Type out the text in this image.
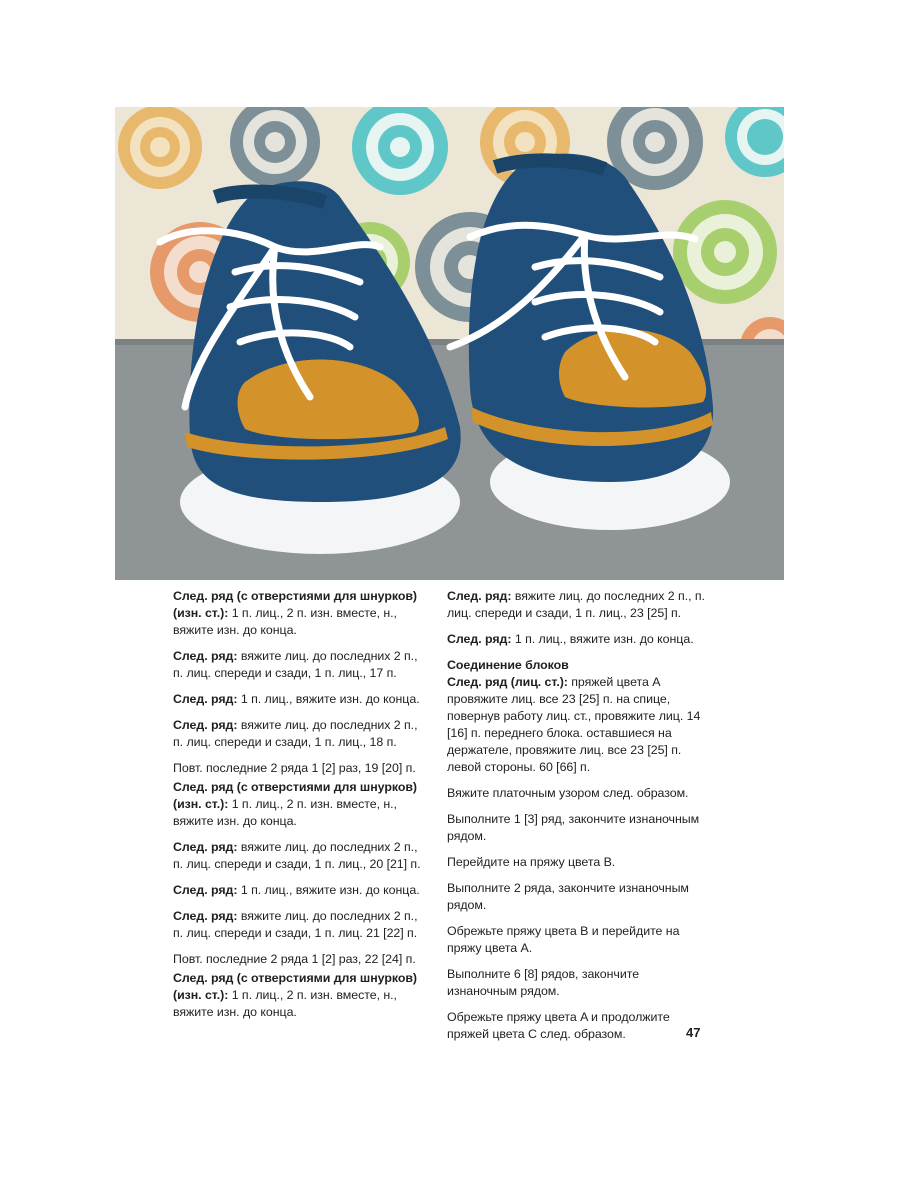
След. ряд (с отверстиями для шнурков) (изн. ст.): 1 п. лиц., 2 п. изн. вместе, н., вяжите изн. до конца.

След. ряд: вяжите лиц. до последних 2 п., п. лиц. спереди и сзади, 1 п. лиц., 17 п.

След. ряд: 1 п. лиц., вяжите изн. до конца.

След. ряд: вяжите лиц. до последних 2 п., п. лиц. спереди и сзади, 1 п. лиц., 18 п.

Повт. последние 2 ряда 1 [2] раз, 19 [20] п.

След. ряд (с отверстиями для шнурков) (изн. ст.): 1 п. лиц., 2 п. изн. вместе, н., вяжите изн. до конца.

След. ряд: вяжите лиц. до последних 2 п., п. лиц. спереди и сзади, 1 п. лиц., 20 [21] п.

След. ряд: 1 п. лиц., вяжите изн. до конца.

След. ряд: вяжите лиц. до последних 2 п., п. лиц. спереди и сзади, 1 п. лиц. 21 [22] п.

Повт. последние 2 ряда 1 [2] раз, 22 [24] п.

След. ряд (с отверстиями для шнурков) (изн. ст.): 1 п. лиц., 2 п. изн. вместе, н., вяжите изн. до конца.

След. ряд: вяжите лиц. до последних 2 п., п. лиц. спереди и сзади, 1 п. лиц., 23 [25] п.

След. ряд: 1 п. лиц., вяжите изн. до конца.

Соединение блоков

След. ряд (лиц. ст.): пряжей цвета A провяжите лиц. все 23 [25] п. на спице, повернув работу лиц. ст., провяжите лиц. 14 [16] п. переднего блока. оставшиеся на держателе, провяжите лиц. все 23 [25] п. левой стороны. 60 [66] п.

Вяжите платочным узором след. образом.

Выполните 1 [3] ряд, закончите изнаночным рядом.

Перейдите на пряжу цвета B.

Выполните 2 ряда, закончите изнаночным рядом.

Обрежьте пряжу цвета B и перейдите на пряжу цвета A.

Выполните 6 [8] рядов, закончите изнаночным рядом.

Обрежьте пряжу цвета A и продолжите пряжей цвета C след. образом.	47
